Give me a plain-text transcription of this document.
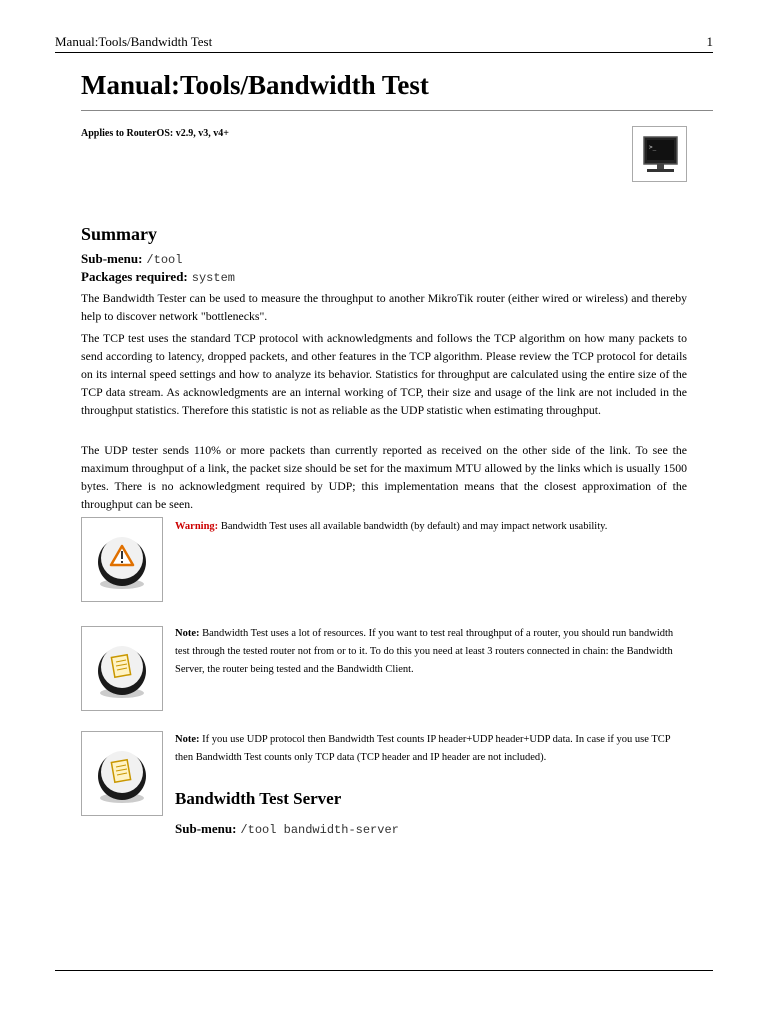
Manual:Tools/Bandwidth Test	1
Manual:Tools/Bandwidth Test
Applies to RouterOS: v2.9, v3, v4+
>_
Summary
Sub-menu: /tool
Packages required: system

The Bandwidth Tester can be used to measure the throughput to another MikroTik router (either wired or wireless) and thereby help to discover network "bottlenecks".

The TCP test uses the standard TCP protocol with acknowledgments and follows the TCP algorithm on how many packets to send according to latency, dropped packets, and other features in the TCP algorithm. Please review the TCP protocol for details on its internal speed settings and how to analyze its behavior. Statistics for throughput are calculated using the entire size of the TCP data stream. As acknowledgments are an internal working of TCP, their size and usage of the link are not included in the throughput statistics. Therefore this statistic is not as reliable as the UDP statistic when estimating throughput.

The UDP tester sends 110% or more packets than currently reported as received on the other side of the link. To see the maximum throughput of a link, the packet size should be set for the maximum MTU allowed by the links which is usually 1500 bytes. There is no acknowledgment required by UDP; this implementation means that the closest approximation of the throughput can be seen.

Warning: Bandwidth Test uses all available bandwidth (by default) and may impact network usability.

Note: Bandwidth Test uses a lot of resources. If you want to test real throughput of a router, you should run bandwidth test through the tested router not from or to it. To do this you need at least 3 routers connected in chain: the Bandwidth Server, the router being tested and the Bandwidth Client.

Note: If you use UDP protocol then Bandwidth Test counts IP header+UDP header+UDP data. In case if you use TCP then Bandwidth Test counts only TCP data (TCP header and IP header are not included).

Bandwidth Test Server
Sub-menu: /tool bandwidth-server
